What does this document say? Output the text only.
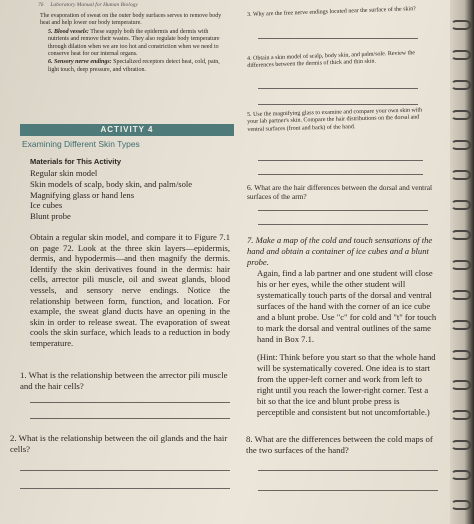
76 Laboratory Manual for Human Biology
The evaporation of sweat on the outer body surfaces serves to remove body heat and help lower our body temperature.
5. Blood vessels: These supply both the epidermis and dermis with nutrients and remove their wastes. They also regulate body temperature through dilation when we are too hot and constriction when we need to conserve heat for our internal organs.
6. Sensory nerve endings: Specialized receptors detect heat, cold, pain, light touch, deep pressure, and vibration.
ACTIVITY 4
Examining Different Skin Types
Materials for This Activity
Regular skin model
Skin models of scalp, body skin, and palm/sole
Magnifying glass or hand lens
Ice cubes
Blunt probe
Obtain a regular skin model, and compare it to Figure 7.1 on page 72. Look at the three skin layers—epidermis, dermis, and hypodermis—and then magnify the dermis. Identify the skin derivatives found in the dermis: hair cells, arrector pili muscle, oil and sweat glands, blood vessels, and sensory nerve endings. Notice the relationship between form, function, and location. For example, the sweat gland ducts have an opening in the skin in order to release sweat. The evaporation of sweat cools the skin surface, which leads to a reduction in body temperature.
1. What is the relationship between the arrector pili muscle and the hair cells?
2. What is the relationship between the oil glands and the hair cells?
3. Why are the free nerve endings located near the surface of the skin?
4. Obtain a skin model of scalp, body skin, and palm/sole. Review the differences between the dermis of thick and thin skin.
5. Use the magnifying glass to examine and compare your own skin with your lab partner's skin. Compare the hair distributions on the dorsal and ventral surfaces (front and back) of the hand.
6. What are the hair differences between the dorsal and ventral surfaces of the arm?
7. Make a map of the cold and touch sensations of the hand and obtain a container of ice cubes and a blunt probe.
Again, find a lab partner and one student will close his or her eyes, while the other student will systematically touch parts of the dorsal and ventral surfaces of the hand with the corner of an ice cube and a blunt probe. Use "c" for cold and "t" for touch to mark the dorsal and ventral outlines of the same hand in Box 7.1.
(Hint: Think before you start so that the whole hand will be systematically covered. One idea is to start from the upper-left corner and work from left to right until you reach the lower-right corner. Test a bit so that the ice and blunt probe press is perceptible and consistent but not uncomfortable.)
8. What are the differences between the cold maps of the two surfaces of the hand?
